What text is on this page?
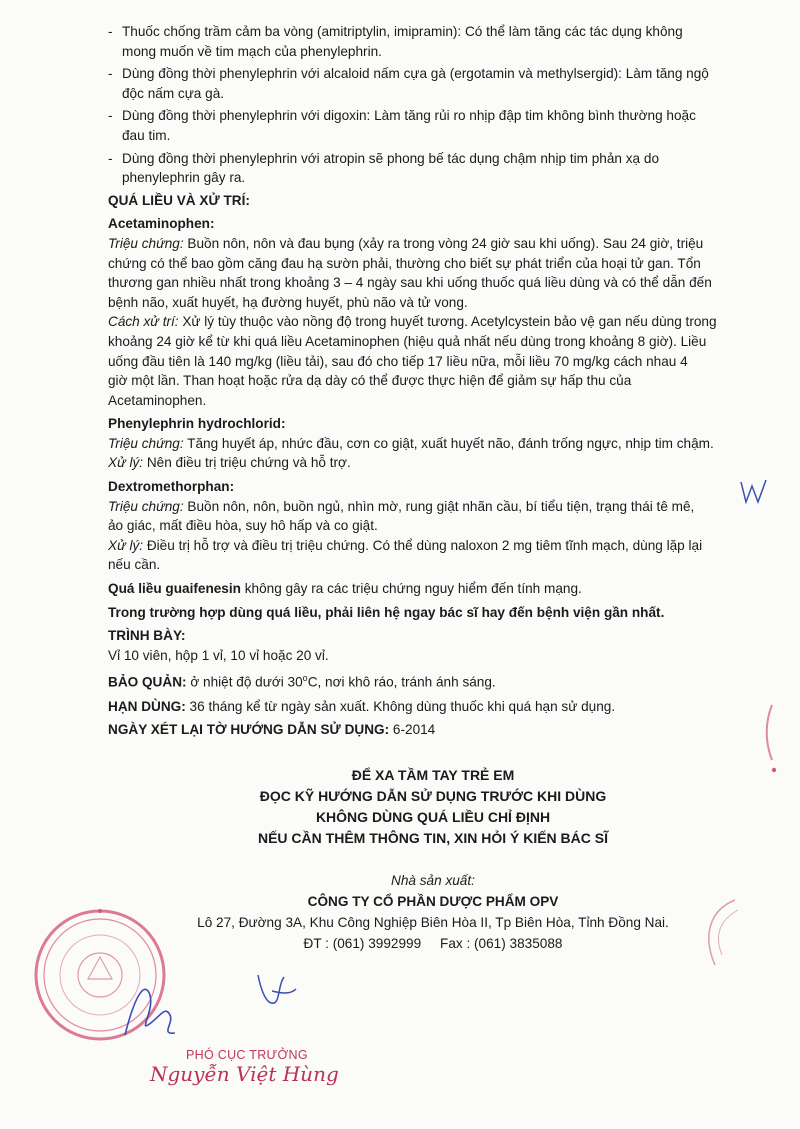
- Thuốc chống trầm cảm ba vòng (amitriptylin, imipramin): Có thể làm tăng các tác dụng không
mong muốn về tim mạch của phenylephrin.
- Dùng đồng thời phenylephrin với alcaloid nấm cựa gà (ergotamin và methylsergid): Làm tăng ngộ
độc nấm cựa gà.
- Dùng đồng thời phenylephrin với digoxin: Làm tăng rủi ro nhịp đập tim không bình thường hoặc
đau tim.
- Dùng đồng thời phenylephrin với atropin sẽ phong bế tác dụng chậm nhịp tim phản xạ do
phenylephrin gây ra.
QUÁ LIỀU VÀ XỬ TRÍ:
Acetaminophen:
Triệu chứng: Buồn nôn, nôn và đau bụng (xảy ra trong vòng 24 giờ sau khi uống). Sau 24 giờ, triệu
chứng có thể bao gồm căng đau hạ sườn phải, thường cho biết sự phát triển của hoại tử gan. Tổn
thương gan nhiều nhất trong khoảng 3 – 4 ngày sau khi uống thuốc quá liều dùng và có thể dẫn đến
bệnh não, xuất huyết, hạ đường huyết, phù não và tử vong.
Cách xử trí: Xử lý tùy thuộc vào nồng độ trong huyết tương. Acetylcystein bảo vệ gan nếu dùng trong
khoảng 24 giờ kể từ khi quá liều Acetaminophen (hiệu quả nhất nếu dùng trong khoảng 8 giờ). Liều
uống đầu tiên là 140 mg/kg (liều tải), sau đó cho tiếp 17 liều nữa, mỗi liều 70 mg/kg cách nhau 4
giờ một lần. Than hoạt hoặc rửa dạ dày có thể được thực hiện để giảm sự hấp thu của
Acetaminophen.
Phenylephrin hydrochlorid:
Triệu chứng: Tăng huyết áp, nhức đầu, cơn co giật, xuất huyết não, đánh trống ngực, nhịp tim chậm.
Xử lý: Nên điều trị triệu chứng và hỗ trợ.
Dextromethorphan:
Triệu chứng: Buồn nôn, nôn, buồn ngủ, nhìn mờ, rung giật nhãn cầu, bí tiểu tiện, trạng thái tê mê,
ảo giác, mất điều hòa, suy hô hấp và co giật.
Xử lý: Điều trị hỗ trợ và điều trị triệu chứng. Có thể dùng naloxon 2 mg tiêm tĩnh mạch, dùng lặp lại
nếu cần.
Quá liều guaifenesin không gây ra các triệu chứng nguy hiểm đến tính mạng.
Trong trường hợp dùng quá liều, phải liên hệ ngay bác sĩ hay đến bệnh viện gần nhất.
TRÌNH BÀY:
Vỉ 10 viên, hộp 1 vỉ, 10 vỉ hoặc 20 vỉ.
BẢO QUẢN: ở nhiệt độ dưới 30$^o$C, nơi khô ráo, tránh ánh sáng.
HẠN DÙNG: 36 tháng kể từ ngày sản xuất. Không dùng thuốc khi quá hạn sử dụng.
NGÀY XÉT LẠI TỜ HƯỚNG DẪN SỬ DỤNG: 6-2014
ĐỂ XA TẦM TAY TRẺ EM
ĐỌC KỸ HƯỚNG DẪN SỬ DỤNG TRƯỚC KHI DÙNG
KHÔNG DÙNG QUÁ LIỀU CHỈ ĐỊNH
NẾU CẦN THÊM THÔNG TIN, XIN HỎI Ý KIẾN BÁC SĨ
Nhà sản xuất:
CÔNG TY CỔ PHẦN DƯỢC PHẨM OPV
Lô 27, Đường 3A, Khu Công Nghiệp Biên Hòa II, Tp Biên Hòa, Tỉnh Đồng Nai.
ĐT : (061) 3992999     Fax : (061) 3835088
PHÓ CỤC TRƯỞNG
Nguyễn Việt Hùng
